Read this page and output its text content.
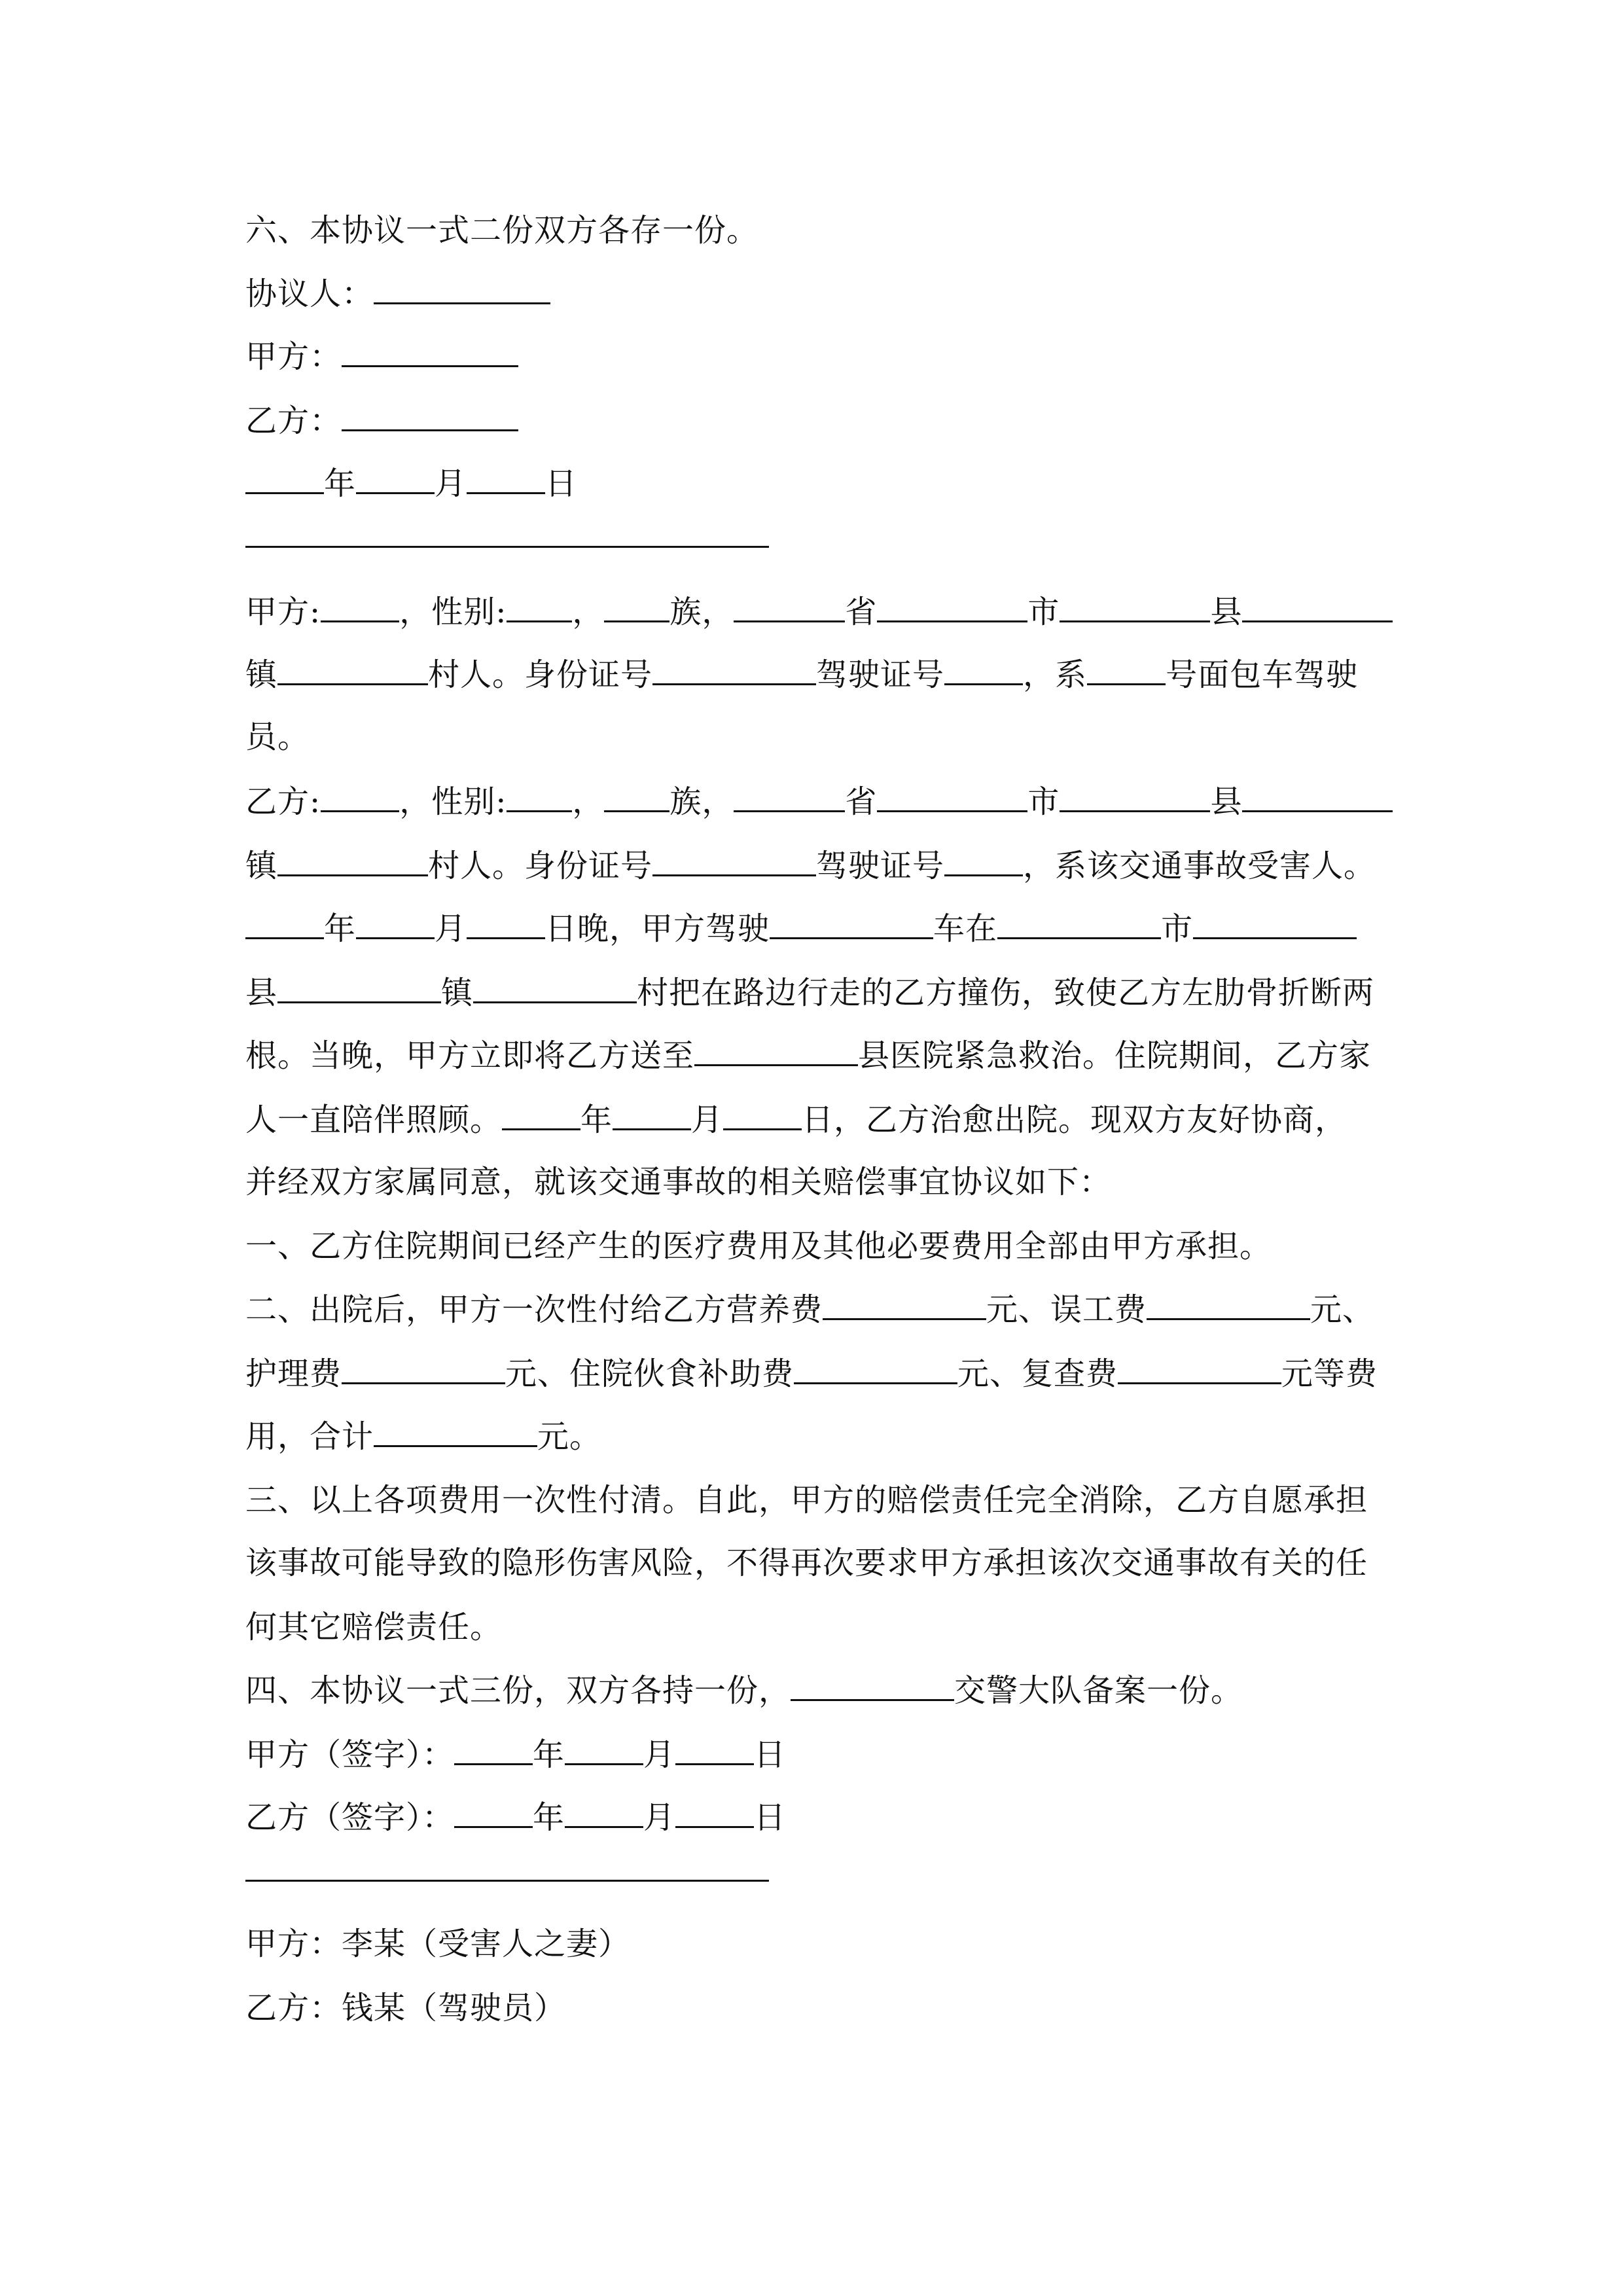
六、本协议一式二份双方各存一份。
协议人：
甲方：
乙方：
年	月	日
甲方:	，性别: ， 族，	省	市	县
镇	村人。身份证号	驾驶证号	，系	号面包车驾驶
员。
乙方:	，性别: ， 族，	省	市	县
镇	村人。身份证号	驾驶证号	，系该交通事故受害人。
年	月	日晚，甲方驾驶	车在	市
县	镇	村把在路边行走的乙方撞伤，致使乙方左肋骨折断两
根。当晚，甲方立即将乙方送至	县医院紧急救治。住院期间，乙方家
人一直陪伴照顾。	年	月	日，乙方治愈出院。现双方友好协商，
并经双方家属同意，就该交通事故的相关赔偿事宜协议如下：
一、乙方住院期间已经产生的医疗费用及其他必要费用全部由甲方承担。
二、出院后，甲方一次性付给乙方营养费	元、误工费	元、
护理费	元、住院伙食补助费	元、复查费	元等费
用，合计	元。
三、以上各项费用一次性付清。自此，甲方的赔偿责任完全消除，乙方自愿承担
该事故可能导致的隐形伤害风险，不得再次要求甲方承担该次交通事故有关的任
何其它赔偿责任。
四、本协议一式三份，双方各持一份，	交警大队备案一份。
甲方（签字）：	年	月	日
乙方（签字）：	年	月	日
甲方：李某（受害人之妻）
乙方：钱某（驾驶员）
